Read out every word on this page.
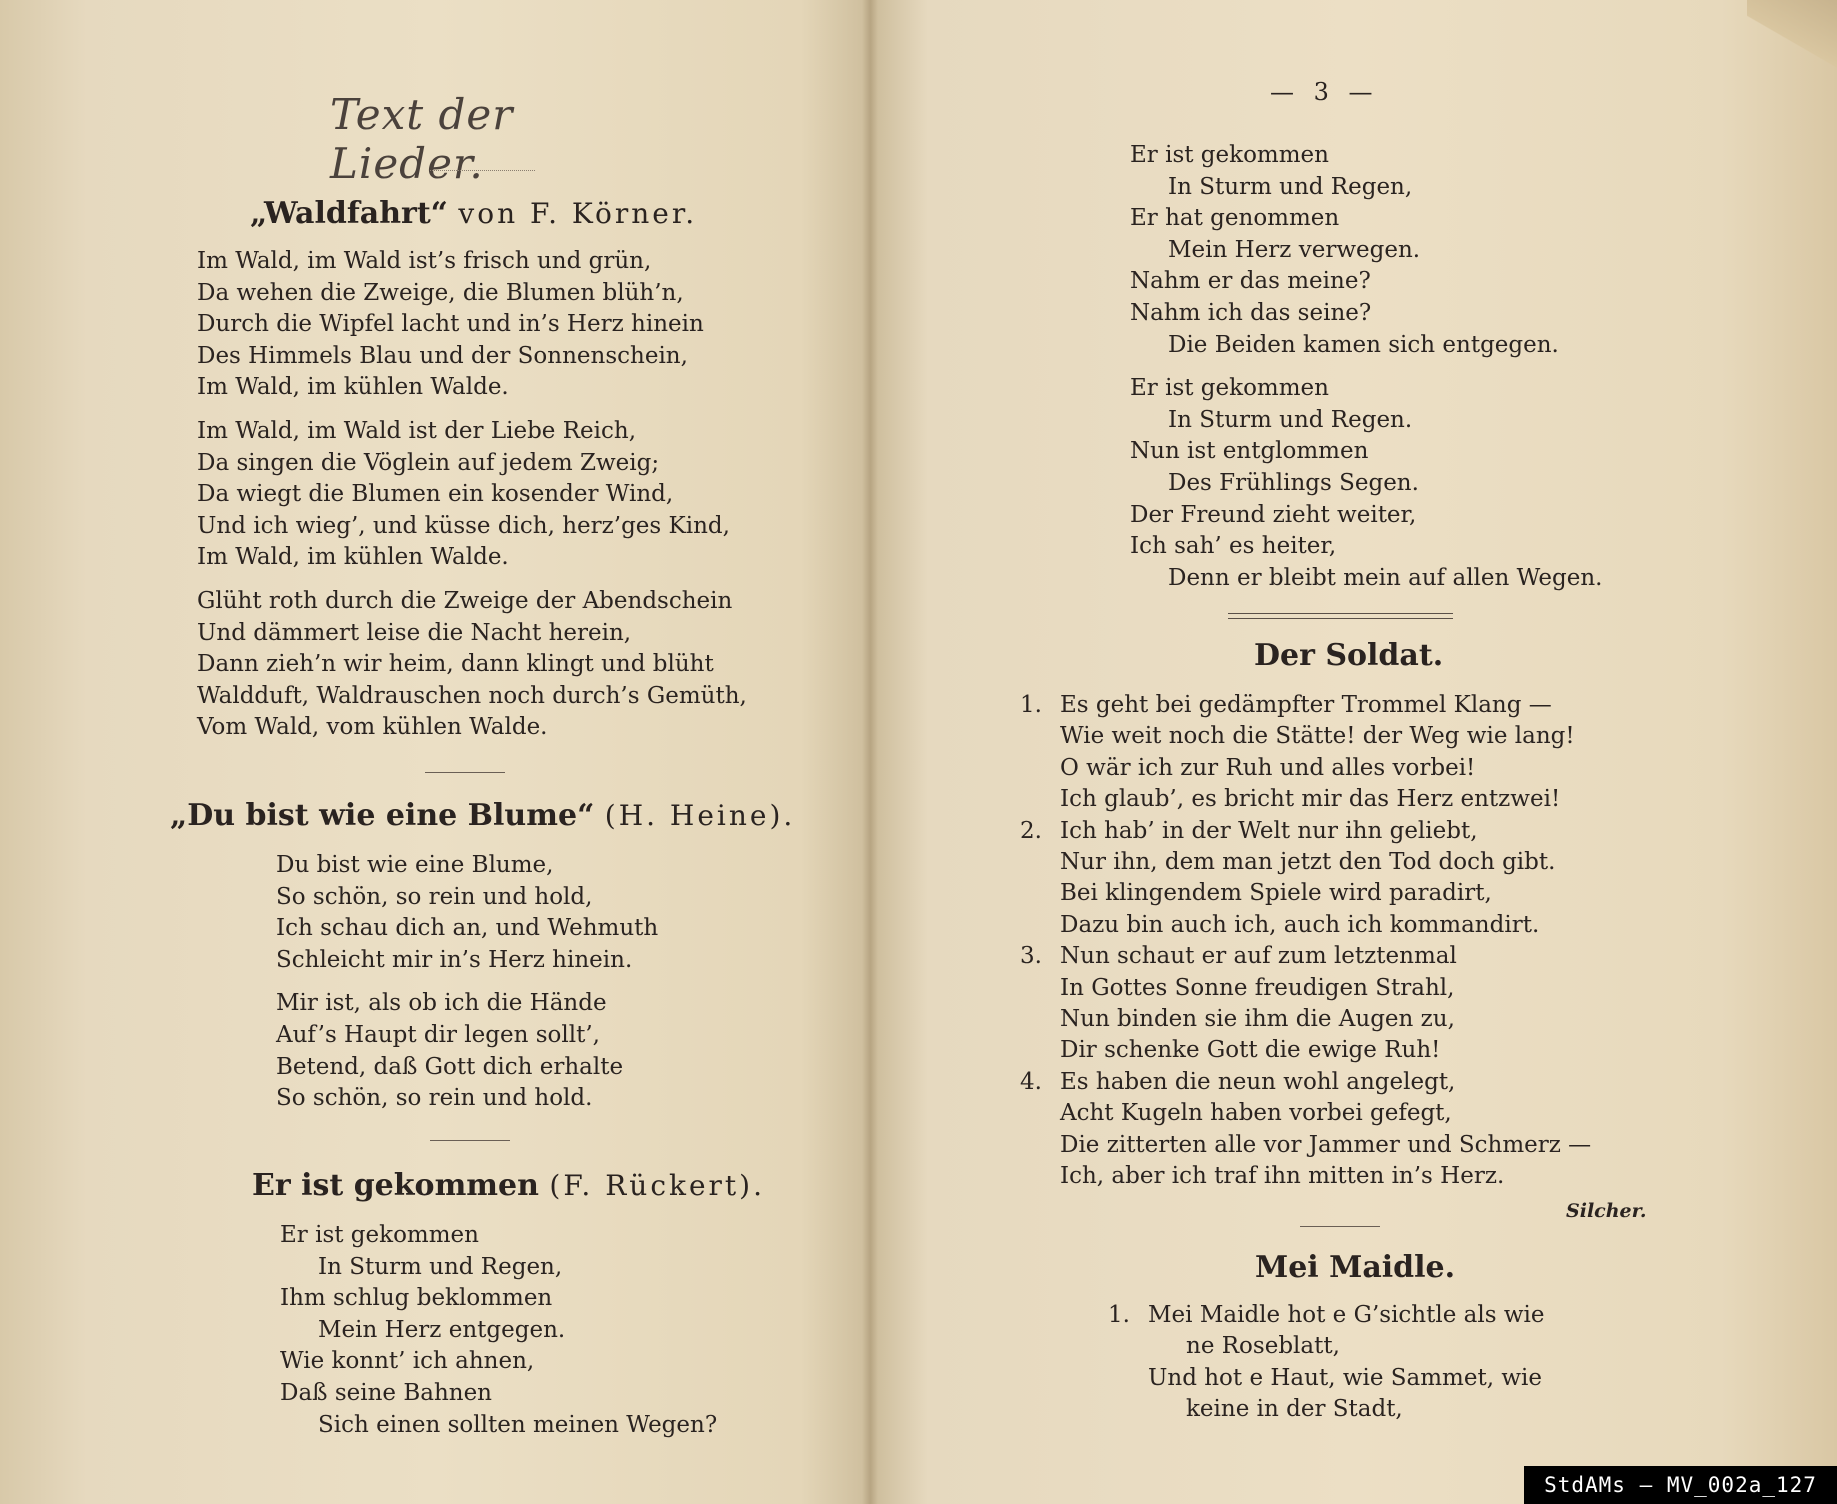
Text der Lieder.
„Waldfahrt“ von F. Körner.
Im Wald, im Wald ist’s frisch und grün,
Da wehen die Zweige, die Blumen blüh’n,
Durch die Wipfel lacht und in’s Herz hinein
Des Himmels Blau und der Sonnenschein,
Im Wald, im kühlen Walde.
Im Wald, im Wald ist der Liebe Reich,
Da singen die Vöglein auf jedem Zweig;
Da wiegt die Blumen ein kosender Wind,
Und ich wieg’, und küsse dich, herz’ges Kind,
Im Wald, im kühlen Walde.
Glüht roth durch die Zweige der Abendschein
Und dämmert leise die Nacht herein,
Dann zieh’n wir heim, dann klingt und blüht
Waldduft, Waldrauschen noch durch’s Gemüth,
Vom Wald, vom kühlen Walde.
„Du bist wie eine Blume“ (H. Heine).
Du bist wie eine Blume,
So schön, so rein und hold,
Ich schau dich an, und Wehmuth
Schleicht mir in’s Herz hinein.
Mir ist, als ob ich die Hände
Auf’s Haupt dir legen sollt’,
Betend, daß Gott dich erhalte
So schön, so rein und hold.
Er ist gekommen (F. Rückert).
Er ist gekommen
In Sturm und Regen,
Ihm schlug beklommen
Mein Herz entgegen.
Wie konnt’ ich ahnen,
Daß seine Bahnen
Sich einen sollten meinen Wegen?
— 3 —
Er ist gekommen
In Sturm und Regen,
Er hat genommen
Mein Herz verwegen.
Nahm er das meine?
Nahm ich das seine?
Die Beiden kamen sich entgegen.
Er ist gekommen
In Sturm und Regen.
Nun ist entglommen
Des Frühlings Segen.
Der Freund zieht weiter,
Ich sah’ es heiter,
Denn er bleibt mein auf allen Wegen.
Der Soldat.
1. Es geht bei gedämpfter Trommel Klang —
Wie weit noch die Stätte! der Weg wie lang!
O wär ich zur Ruh und alles vorbei!
Ich glaub’, es bricht mir das Herz entzwei!
2. Ich hab’ in der Welt nur ihn geliebt,
Nur ihn, dem man jetzt den Tod doch gibt.
Bei klingendem Spiele wird paradirt,
Dazu bin auch ich, auch ich kommandirt.
3. Nun schaut er auf zum letztenmal
In Gottes Sonne freudigen Strahl,
Nun binden sie ihm die Augen zu,
Dir schenke Gott die ewige Ruh!
4. Es haben die neun wohl angelegt,
Acht Kugeln haben vorbei gefegt,
Die zitterten alle vor Jammer und Schmerz —
Ich, aber ich traf ihn mitten in’s Herz.
Silcher.
Mei Maidle.
1. Mei Maidle hot e G’sichtle als wie
ne Roseblatt,
Und hot e Haut, wie Sammet, wie
keine in der Stadt,
StdAMs – MV_002a_127
